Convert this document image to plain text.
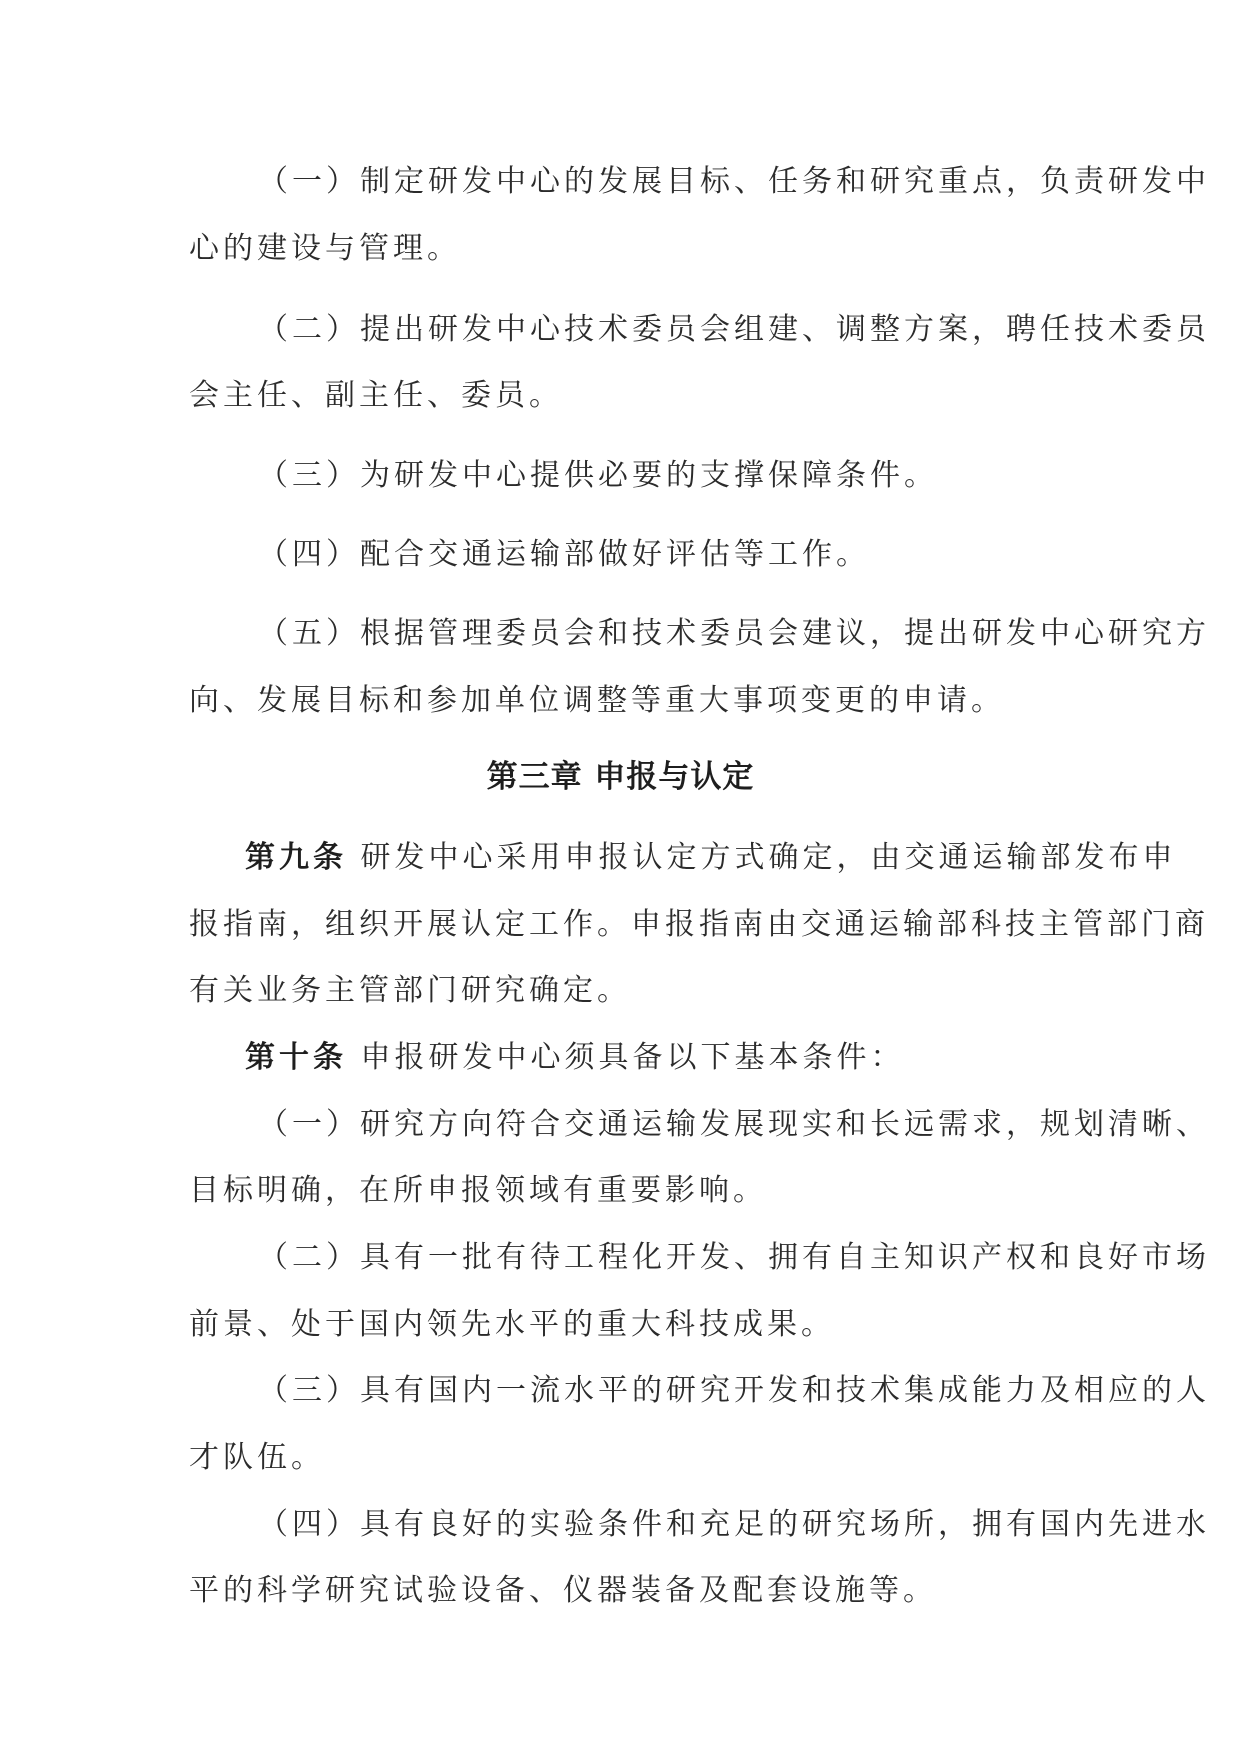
（一）制定研发中心的发展目标、任务和研究重点，负责研发中
心的建设与管理。
（二）提出研发中心技术委员会组建、调整方案，聘任技术委员
会主任、副主任、委员。
（三）为研发中心提供必要的支撑保障条件。
（四）配合交通运输部做好评估等工作。
（五）根据管理委员会和技术委员会建议，提出研发中心研究方
向、发展目标和参加单位调整等重大事项变更的申请。
第三章 申报与认定
第九条 研发中心采用申报认定方式确定，由交通运输部发布申
报指南，组织开展认定工作。申报指南由交通运输部科技主管部门商
有关业务主管部门研究确定。
第十条 申报研发中心须具备以下基本条件：
（一）研究方向符合交通运输发展现实和长远需求，规划清晰、
目标明确，在所申报领域有重要影响。
（二）具有一批有待工程化开发、拥有自主知识产权和良好市场
前景、处于国内领先水平的重大科技成果。
（三）具有国内一流水平的研究开发和技术集成能力及相应的人
才队伍。
（四）具有良好的实验条件和充足的研究场所，拥有国内先进水
平的科学研究试验设备、仪器装备及配套设施等。
